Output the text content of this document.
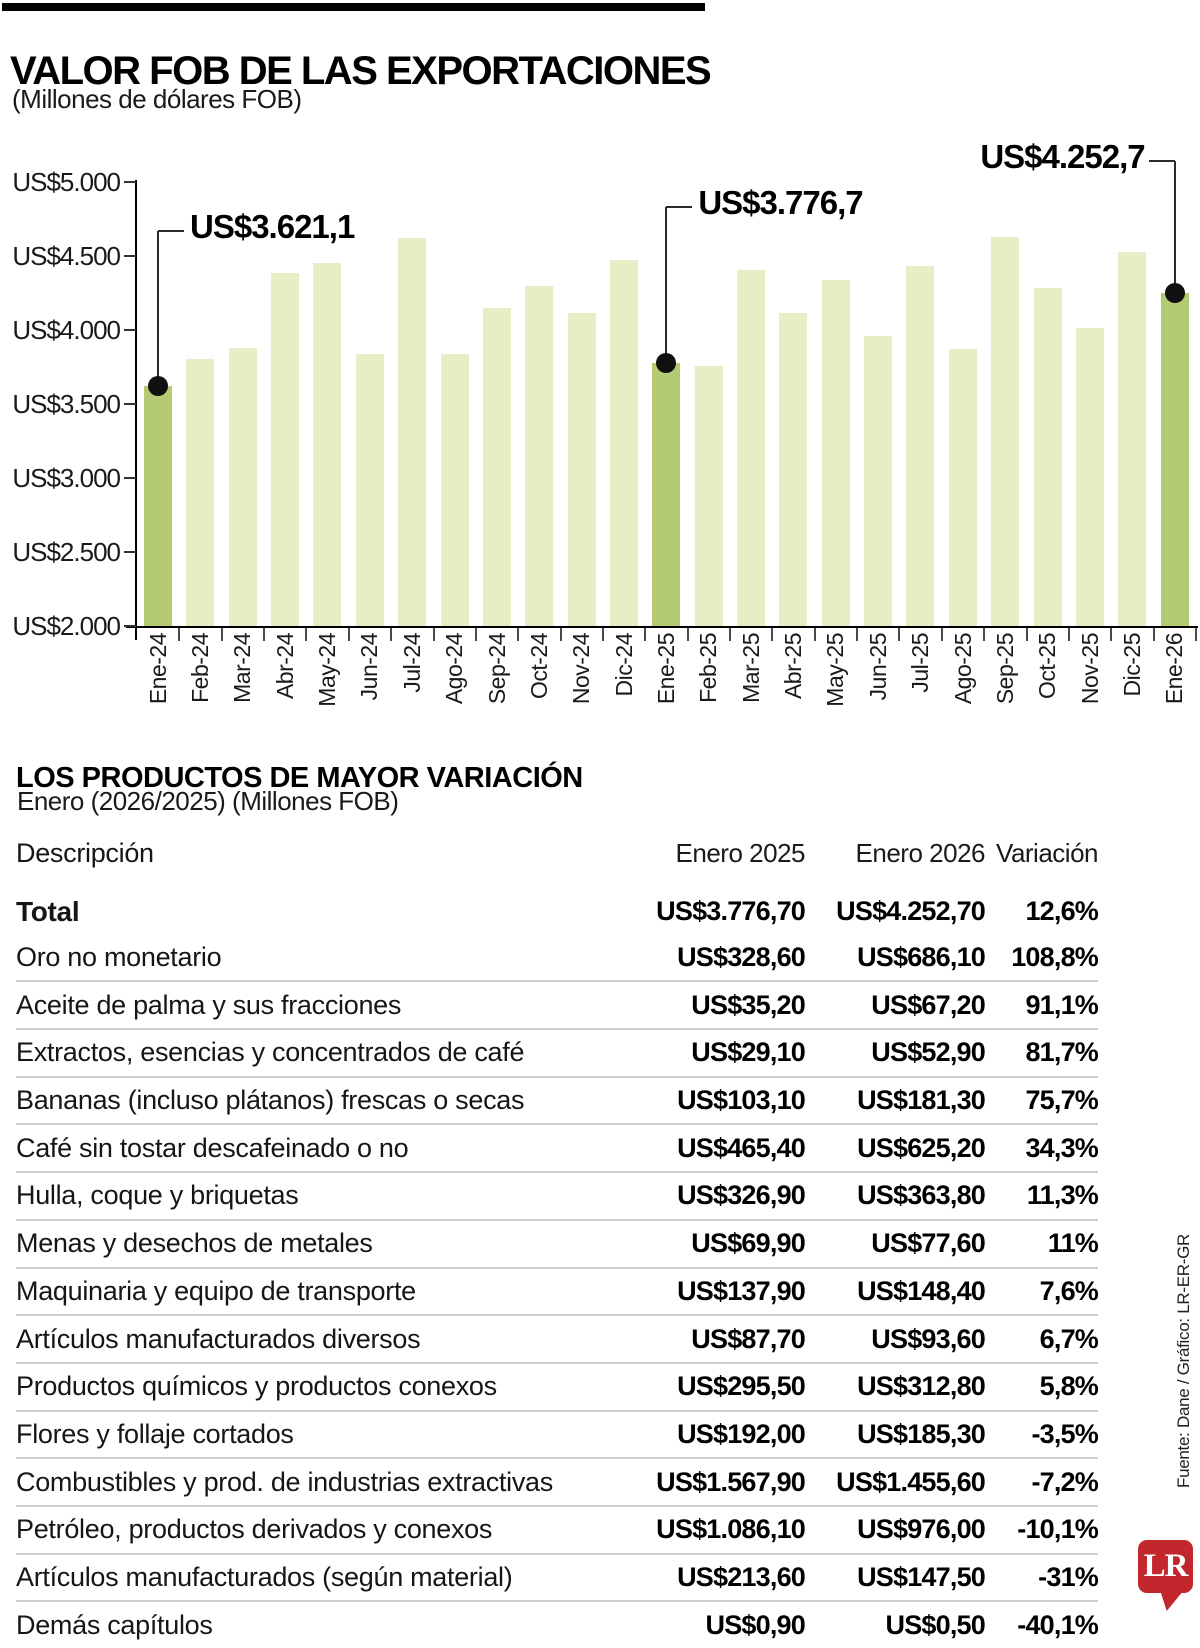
VALOR FOB DE LAS EXPORTACIONES
(Millones de dólares FOB)
Ene-24 Feb-24 Mar-24 Abr-24 May-24 Jun-24 Jul-24 Ago-24 Sep-24 Oct-24 Nov-24 Dic-24 Ene-25 Feb-25 Mar-25 Abr-25 May-25 Jun-25 Jul-25 Ago-25 Sep-25 Oct-25 Nov-25 Dic-25 Ene-26
LOS PRODUCTOS DE MAYOR VARIACIÓN
Enero (2026/2025) (Millones FOB)
Descripción	Enero 2025	Enero 2026 Variación
Total	US$3.776,70	US$4.252,70	12,6%
Oro no monetario	US$328,60	US$686,10 108,8%
Aceite de palma y sus fracciones	US$35,20	US$67,20	91,1%
Extractos, esencias y concentrados de café	US$29,10	US$52,90	81,7%
Bananas (incluso plátanos) frescas o secas	US$103,10	US$181,30	75,7%
Café sin tostar descafeinado o no	US$465,40	US$625,20	34,3%
Hulla, coque y briquetas	US$326,90	US$363,80	11,3%
Menas y desechos de metales	US$69,90	US$77,60	11%
Maquinaria y equipo de transporte	US$137,90	US$148,40	7,6%
Artículos manufacturados diversos	US$87,70	US$93,60	6,7%
Productos químicos y productos conexos	US$295,50	US$312,80	5,8%
Flores y follaje cortados	US$192,00	US$185,30	-3,5%
Combustibles y prod. de industrias extractivas	US$1.567,90	US$1.455,60	-7,2%
Petróleo, productos derivados y conexos	US$1.086,10	US$976,00	-10,1%
Artículos manufacturados (según material)	US$213,60	US$147,50	-31%
Demás capítulos	US$0,90	US$0,50	-40,1%
Fuente: Dane / Gráfico: LR-ER-GR
LR
US$5.000
US$4.500
US$4.000
US$3.500
US$3.000
US$2.500
US$2.000
US$3.621,1
US$3.776,7
US$4.252,7
